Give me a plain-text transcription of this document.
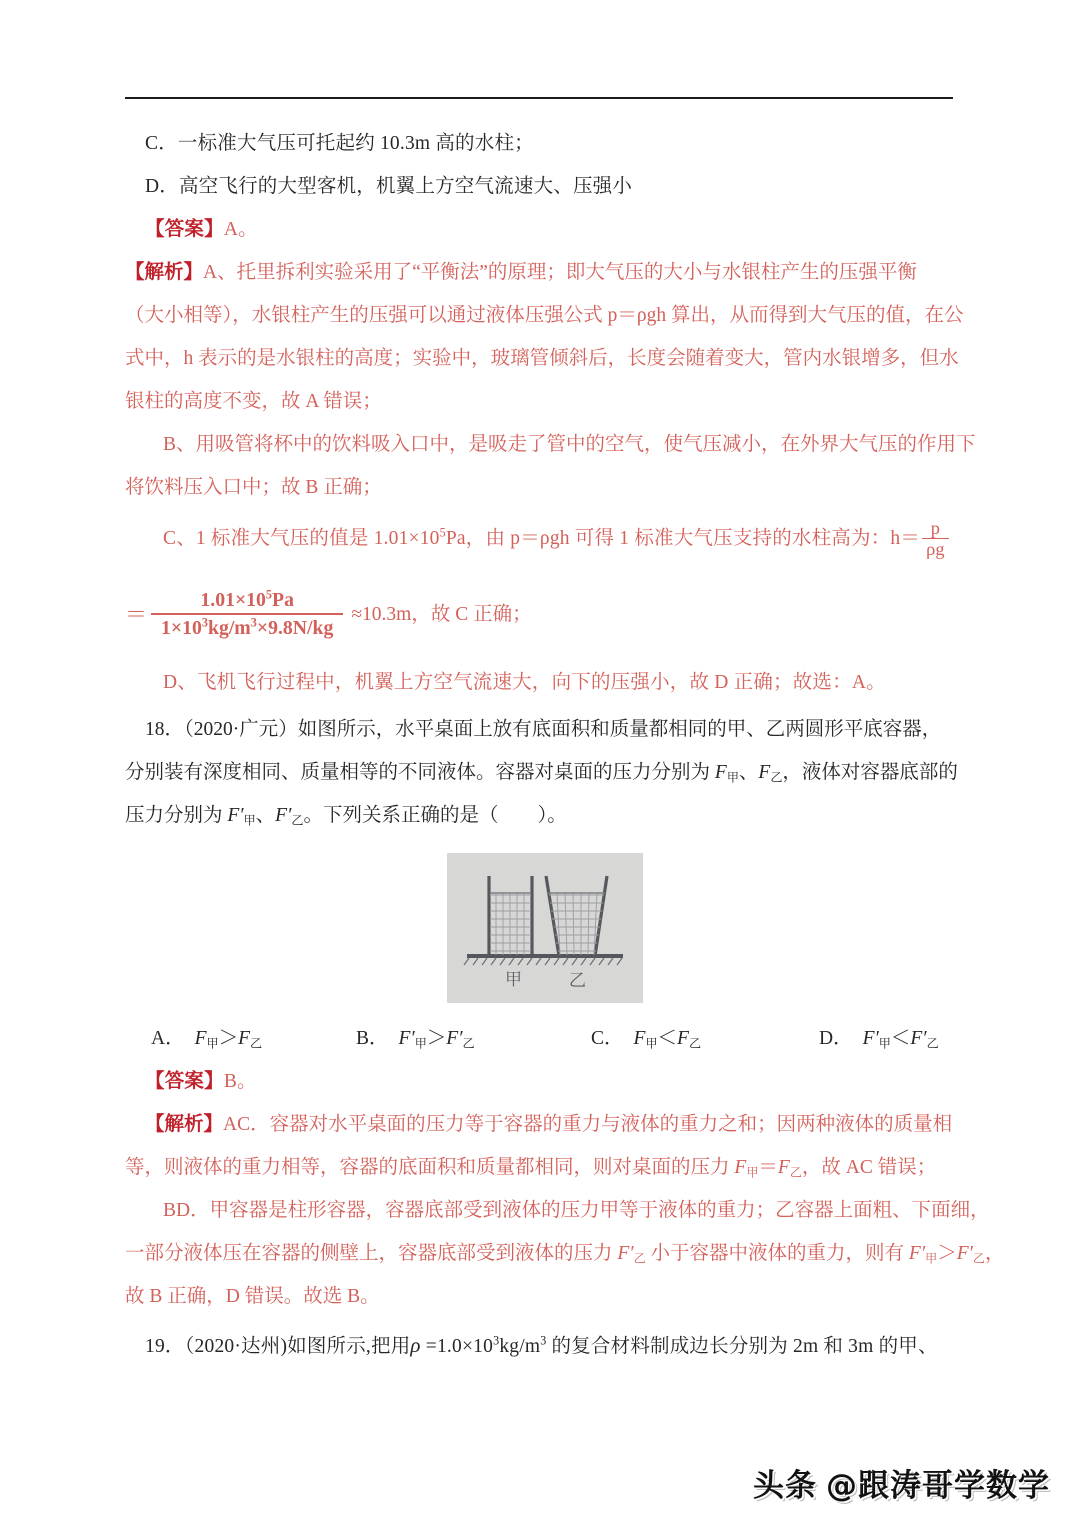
C．一标准大气压可托起约 10.3m 高的水柱；
D．高空飞行的大型客机，机翼上方空气流速大、压强小
【答案】A。
【解析】A、托里拆利实验采用了“平衡法”的原理；即大气压的大小与水银柱产生的压强平衡
（大小相等），水银柱产生的压强可以通过液体压强公式 p＝ρgh 算出，从而得到大气压的值，在公
式中，h 表示的是水银柱的高度；实验中，玻璃管倾斜后，长度会随着变大，管内水银增多，但水
银柱的高度不变，故 A 错误；
B、用吸管将杯中的饮料吸入口中，是吸走了管中的空气，使气压减小，在外界大气压的作用下
将饮料压入口中；故 B 正确；
C、1 标准大气压的值是 $1.01\times 10^5Pa$，由 p＝ρgh 可得 1 标准大气压支持的水柱高为：$h= \frac{p}{\rho g}$
＝ $\frac{1.01\times 10^5Pa}{1\times 10^3kg/m^3\times 9.8N/kg} \approx 10.3m$，故 C 正确；
D、飞机飞行过程中，机翼上方空气流速大，向下的压强小，故 D 正确；故选：A。
18．（2020·广元）如图所示，水平桌面上放有底面积和质量都相同的甲、乙两圆形平底容器，
分别装有深度相同、质量相等的不同液体。容器对桌面的压力分别为 $F_甲$、$F_乙$，液体对容器底部的
压力分别为 $F'_甲$、$F'_乙$。下列关系正确的是（　　）。
甲	乙
A． $F_甲>F_乙$	B． $F'_甲>F'_乙$	C． $F_甲<F_乙$	D． $F'_甲<F'_乙$
【答案】B。
【解析】AC．容器对水平桌面的压力等于容器的重力与液体的重力之和；因两种液体的质量相
等，则液体的重力相等，容器的底面积和质量都相同，则对桌面的压力 $F_甲=F_乙$，故 AC 错误；
BD．甲容器是柱形容器，容器底部受到液体的压力甲等于液体的重力；乙容器上面粗、下面细，
一部分液体压在容器的侧壁上，容器底部受到液体的压力 $F'_乙$ 小于容器中液体的重力，则有 $F'_甲>F'_乙$，
故 B 正确，D 错误。故选 B。
19．（2020·达州)如图所示,把用$\rho =1.0\times 10^3kg/m^3$ 的复合材料制成边长分别为 2m 和 3m 的甲、
头条 @跟涛哥学数学
